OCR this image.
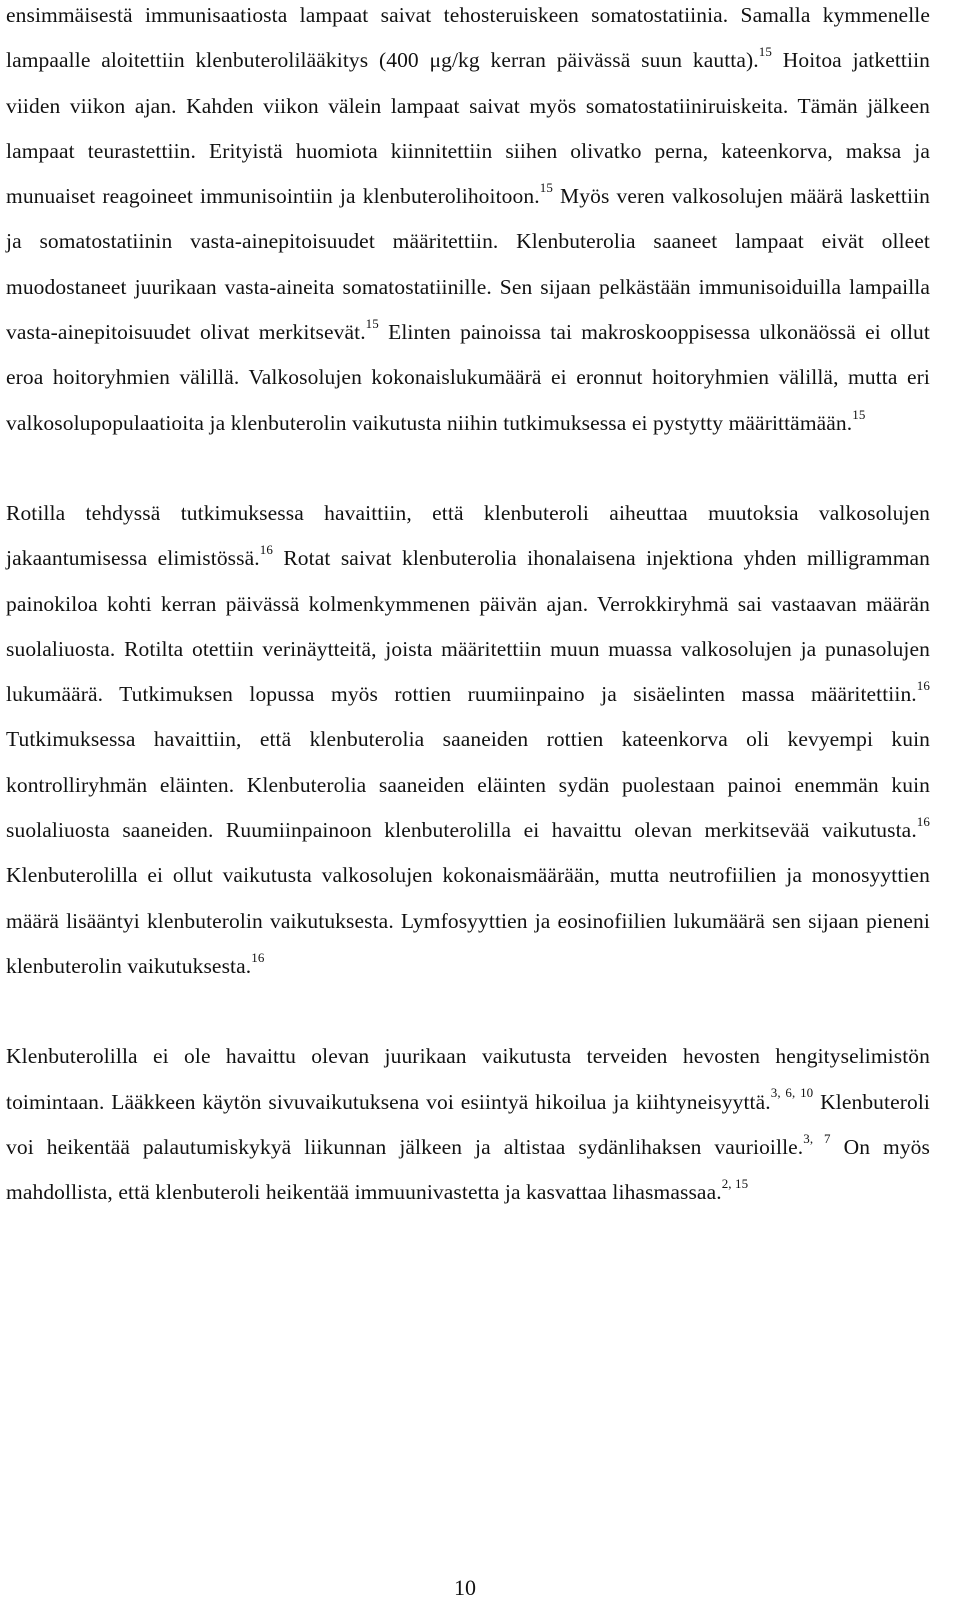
ensimmäisestä immunisaatiosta lampaat saivat tehosteruiskeen somatostatiinia. Samalla kymmenelle lampaalle aloitettiin klenbuterolilääkitys (400 μg/kg kerran päivässä suun kautta).$^{15}$ Hoitoa jatkettiin viiden viikon ajan. Kahden viikon välein lampaat saivat myös somatostatiiniruiskeita. Tämän jälkeen lampaat teurastettiin. Erityistä huomiota kiinnitettiin siihen olivatko perna, kateenkorva, maksa ja munuaiset reagoineet immunisointiin ja klenbuterolihoitoon.$^{15}$ Myös veren valkosolujen määrä laskettiin ja somatostatiinin vasta-ainepitoisuudet määritettiin. Klenbuterolia saaneet lampaat eivät olleet muodostaneet juurikaan vasta-aineita somatostatiinille. Sen sijaan pelkästään immunisoiduilla lampailla vasta-ainepitoisuudet olivat merkitsevät.$^{15}$ Elinten painoissa tai makroskooppisessa ulkonäössä ei ollut eroa hoitoryhmien välillä. Valkosolujen kokonaislukumäärä ei eronnut hoitoryhmien välillä, mutta eri valkosolupopulaatioita ja klenbuterolin vaikutusta niihin tutkimuksessa ei pystytty määrittämään.$^{15}$

Rotilla tehdyssä tutkimuksessa havaittiin, että klenbuteroli aiheuttaa muutoksia valkosolujen jakaantumisessa elimistössä.$^{16}$ Rotat saivat klenbuterolia ihonalaisena injektiona yhden milligramman painokiloa kohti kerran päivässä kolmenkymmenen päivän ajan. Verrokkiryhmä sai vastaavan määrän suolaliuosta. Rotilta otettiin verinäytteitä, joista määritettiin muun muassa valkosolujen ja punasolujen lukumäärä. Tutkimuksen lopussa myös rottien ruumiinpaino ja sisäelinten massa määritettiin.$^{16}$ Tutkimuksessa havaittiin, että klenbuterolia saaneiden rottien kateenkorva oli kevyempi kuin kontrolliryhmän eläinten. Klenbuterolia saaneiden eläinten sydän puolestaan painoi enemmän kuin suolaliuosta saaneiden. Ruumiinpainoon klenbuterolilla ei havaittu olevan merkitsevää vaikutusta.$^{16}$ Klenbuterolilla ei ollut vaikutusta valkosolujen kokonaismäärään, mutta neutrofiilien ja monosyyttien määrä lisääntyi klenbuterolin vaikutuksesta. Lymfosyyttien ja eosinofiilien lukumäärä sen sijaan pieneni klenbuterolin vaikutuksesta.$^{16}$

Klenbuterolilla ei ole havaittu olevan juurikaan vaikutusta terveiden hevosten hengityselimistön toimintaan. Lääkkeen käytön sivuvaikutuksena voi esiintyä hikoilua ja kiihtyneisyyttä.$^{3, 6, 10}$ Klenbuteroli voi heikentää palautumiskykyä liikunnan jälkeen ja altistaa sydänlihaksen vaurioille.$^{3, 7}$ On myös mahdollista, että klenbuteroli heikentää immuunivastetta ja kasvattaa lihasmassaa.$^{2, 15}$

10
